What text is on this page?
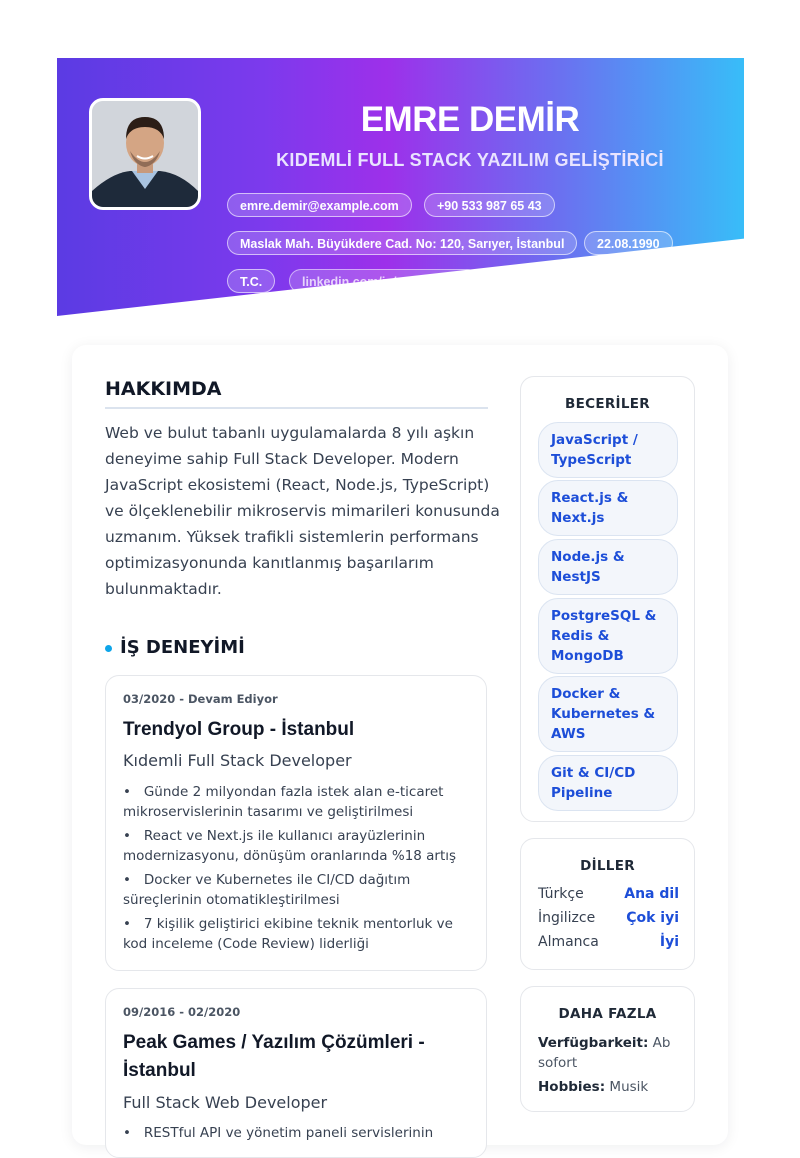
EMRE DEMİR
KIDEMLİ FULL STACK YAZILIM GELİŞTİRİCİ
emre.demir@example.com	+90 533 987 65 43
Maslak Mah. Büyükdere Cad. No: 120, Sarıyer, İstanbul	22.08.1990
T.C.	linkedin.com/in/emredemir
HAKKIMDA
Web ve bulut tabanlı uygulamalarda 8 yılı aşkın deneyime sahip Full Stack Developer. Modern JavaScript ekosistemi (React, Node.js, TypeScript) ve ölçeklenebilir mikroservis mimarileri konusunda uzmanım. Yüksek trafikli sistemlerin performans optimizasyonunda kanıtlanmış başarılarım bulunmaktadır.
İŞ DENEYİMİ
03/2020 - Devam Ediyor
Trendyol Group - İstanbul
Kıdemli Full Stack Developer
•   Günde 2 milyondan fazla istek alan e-ticaret mikroservislerinin tasarımı ve geliştirilmesi
•   React ve Next.js ile kullanıcı arayüzlerinin modernizasyonu, dönüşüm oranlarında %18 artış
•   Docker ve Kubernetes ile CI/CD dağıtım süreçlerinin otomatikleştirilmesi
•   7 kişilik geliştirici ekibine teknik mentorluk ve kod inceleme (Code Review) liderliği
09/2016 - 02/2020
Peak Games / Yazılım Çözümleri - İstanbul
Full Stack Web Developer
•   RESTful API ve yönetim paneli servislerinin
BECERİLER
JavaScript / TypeScript
React.js & Next.js
Node.js & NestJS
PostgreSQL & Redis & MongoDB
Docker & Kubernetes & AWS
Git & CI/CD Pipeline
DİLLER
Türkçe	Ana dil
İngilizce Çok iyi
Almanca	İyi
DAHA FAZLA
Verfügbarkeit: Ab sofort
Hobbies: Musik
